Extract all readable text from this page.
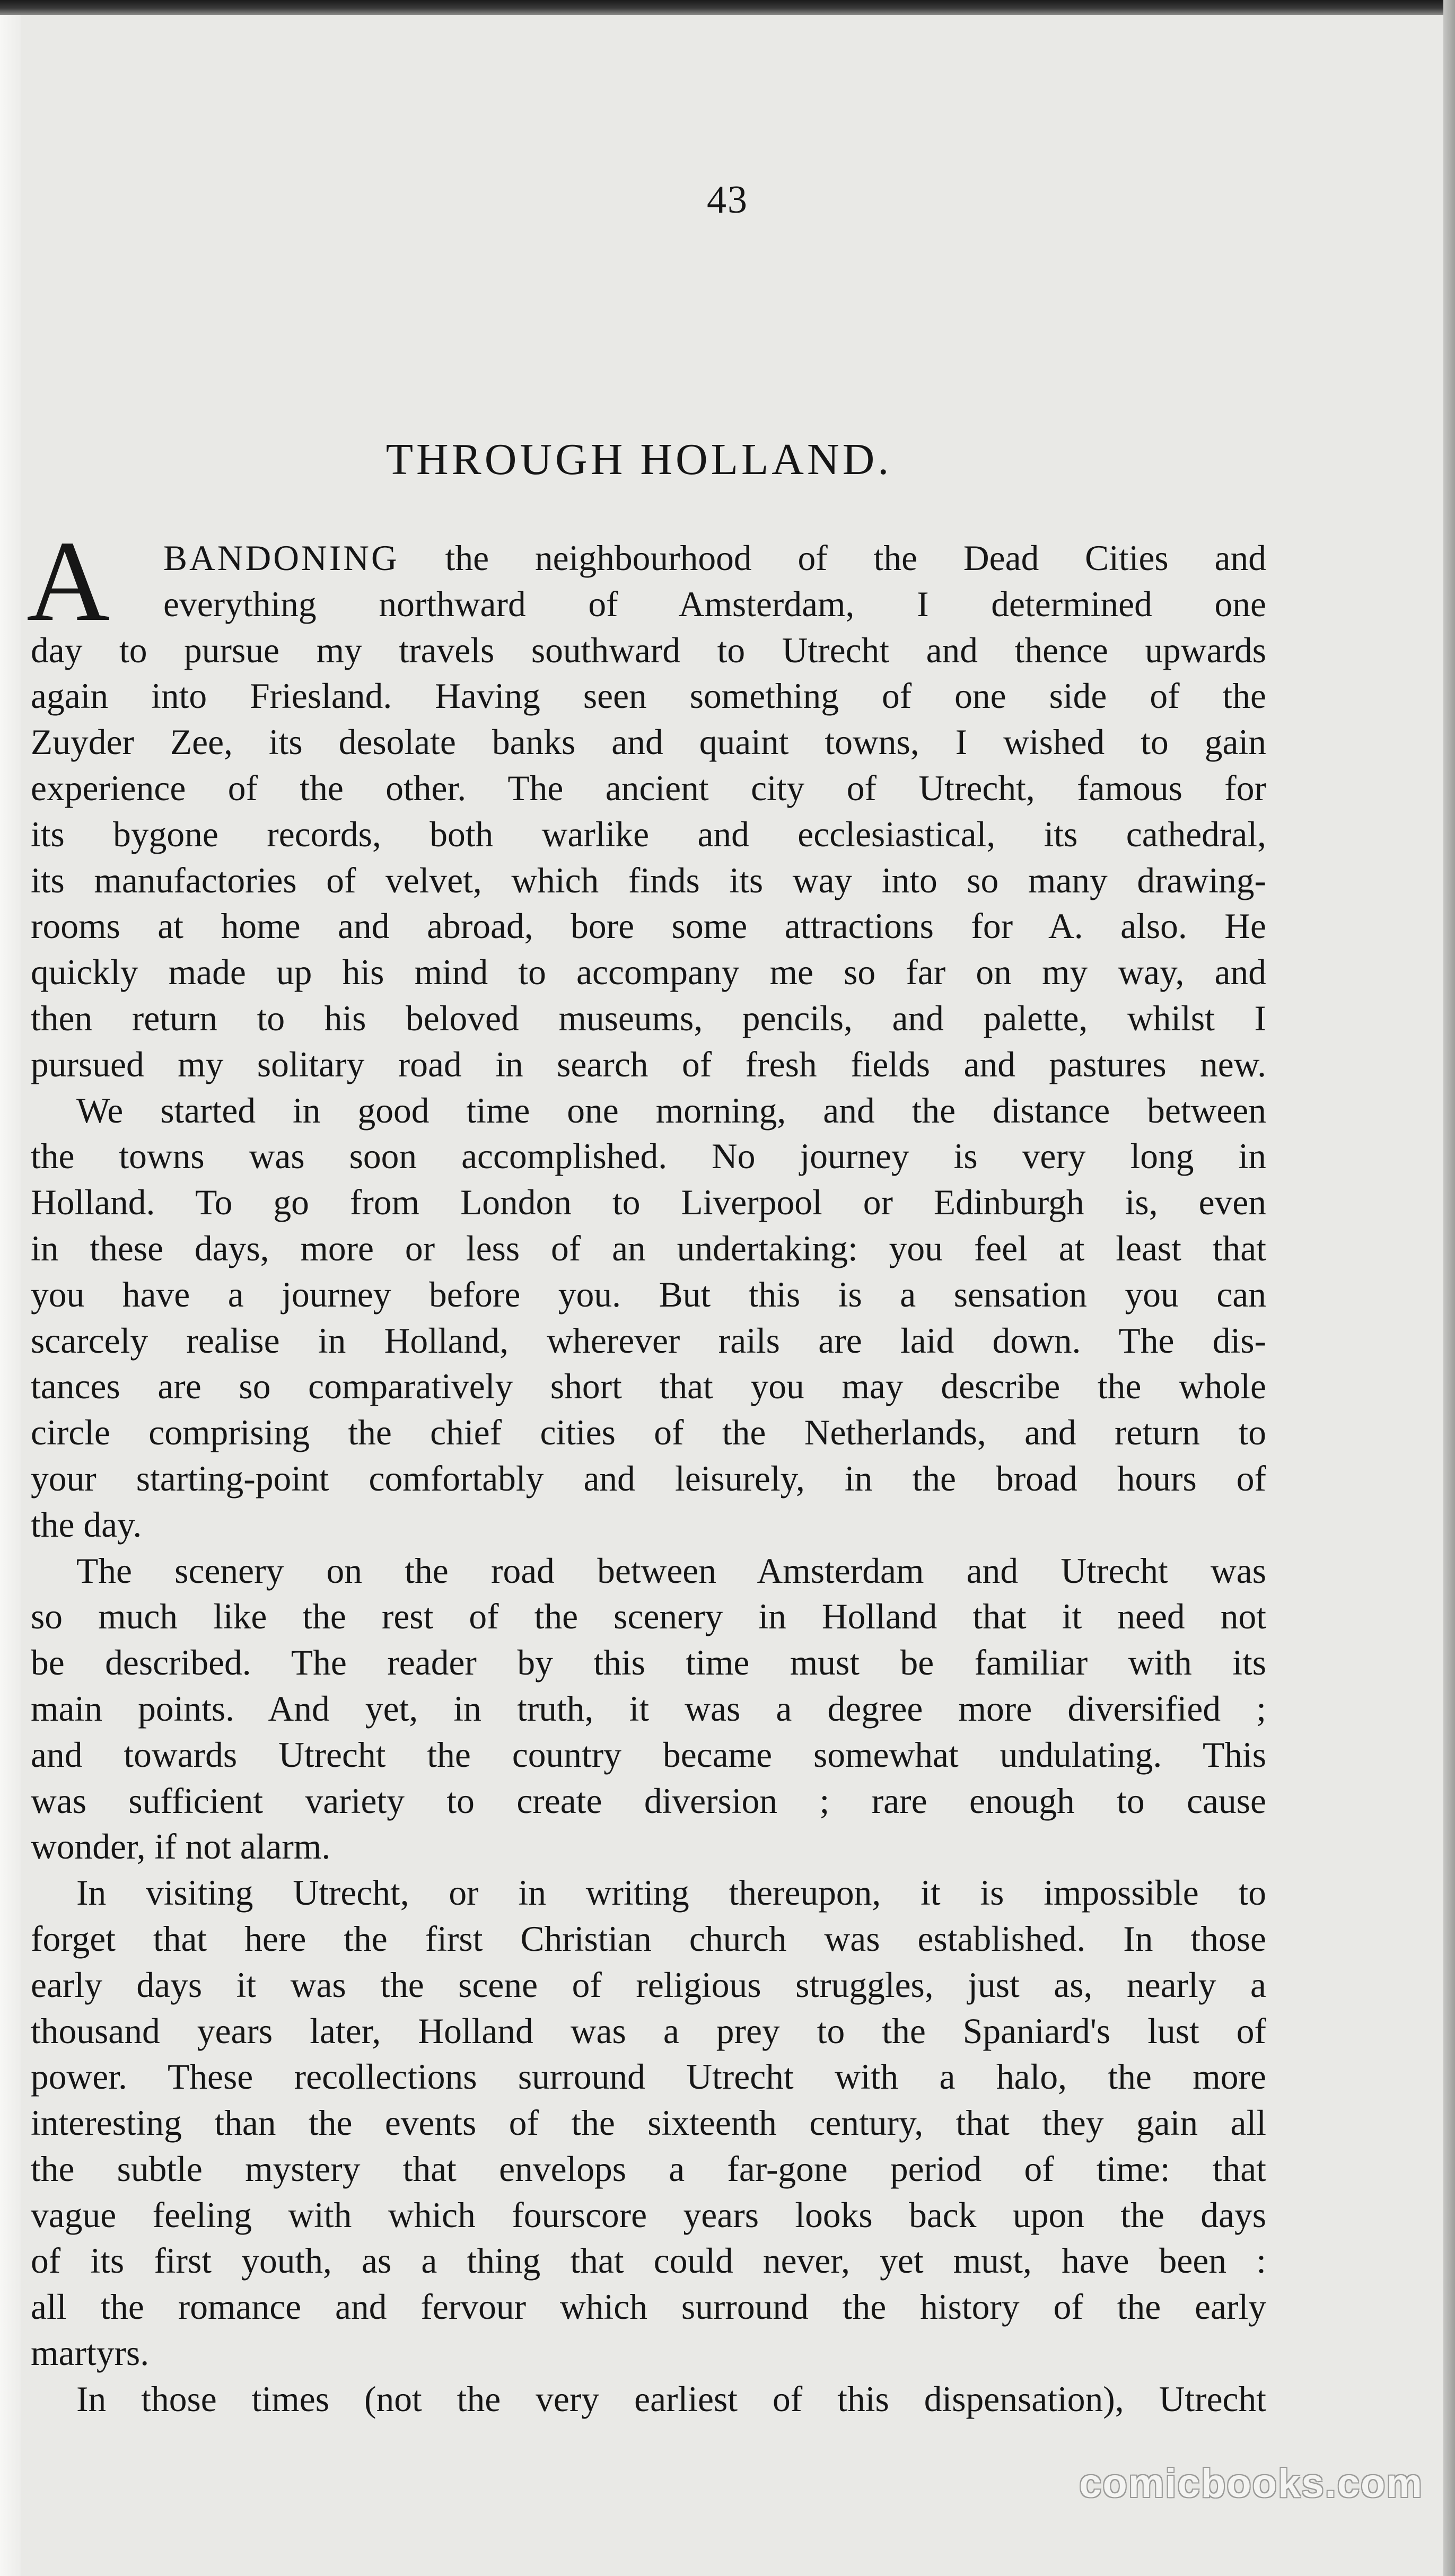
43
THROUGH HOLLAND.
A	BANDONING the neighbourhood of the Dead Cities and
everything northward of Amsterdam, I determined one
day to pursue my travels southward to Utrecht and thence upwards
again into Friesland. Having seen something of one side of the
Zuyder Zee, its desolate banks and quaint towns, I wished to gain
experience of the other. The ancient city of Utrecht, famous for
its bygone records, both warlike and ecclesiastical, its cathedral,
its manufactories of velvet, which finds its way into so many drawing-
rooms at home and abroad, bore some attractions for A. also. He
quickly made up his mind to accompany me so far on my way, and
then return to his beloved museums, pencils, and palette, whilst I
pursued my solitary road in search of fresh fields and pastures new.
We started in good time one morning, and the distance between
the towns was soon accomplished. No journey is very long in
Holland. To go from London to Liverpool or Edinburgh is, even
in these days, more or less of an undertaking: you feel at least that
you have a journey before you. But this is a sensation you can
scarcely realise in Holland, wherever rails are laid down. The dis-
tances are so comparatively short that you may describe the whole
circle comprising the chief cities of the Netherlands, and return to
your starting-point comfortably and leisurely, in the broad hours of
the day.
The scenery on the road between Amsterdam and Utrecht was
so much like the rest of the scenery in Holland that it need not
be described. The reader by this time must be familiar with its
main points. And yet, in truth, it was a degree more diversified ;
and towards Utrecht the country became somewhat undulating. This
was sufficient variety to create diversion ; rare enough to cause
wonder, if not alarm.
In visiting Utrecht, or in writing thereupon, it is impossible to
forget that here the first Christian church was established. In those
early days it was the scene of religious struggles, just as, nearly a
thousand years later, Holland was a prey to the Spaniard's lust of
power. These recollections surround Utrecht with a halo, the more
interesting than the events of the sixteenth century, that they gain all
the subtle mystery that envelops a far-gone period of time: that
vague feeling with which fourscore years looks back upon the days
of its first youth, as a thing that could never, yet must, have been :
all the romance and fervour which surround the history of the early
martyrs.
In those times (not the very earliest of this dispensation), Utrecht
comicbooks.com
